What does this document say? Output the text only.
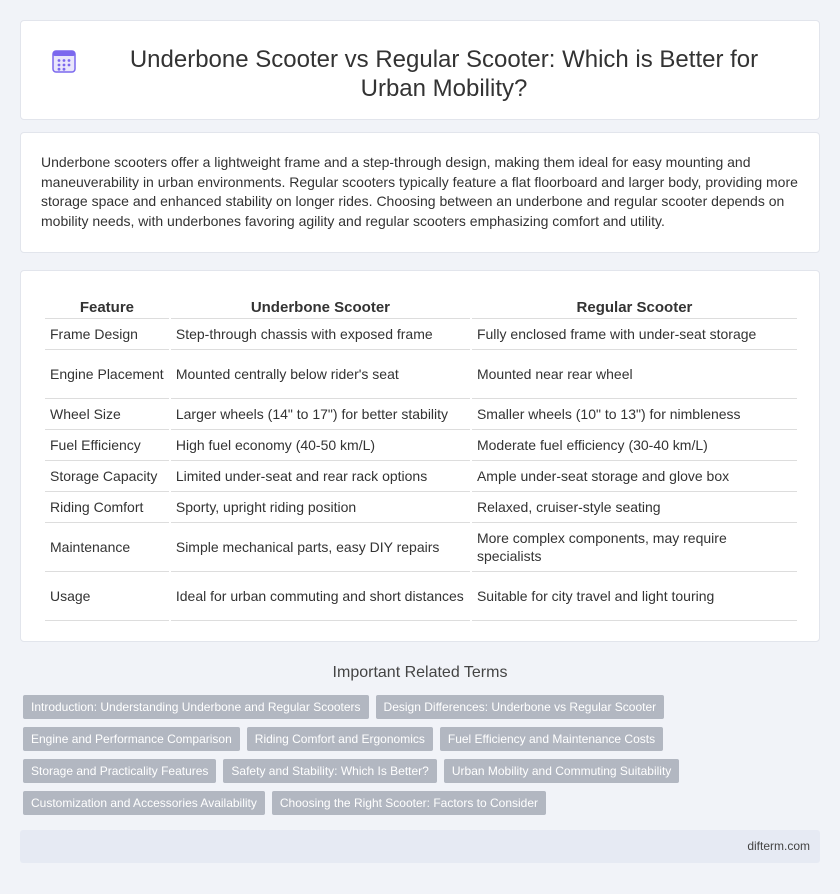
Underbone Scooter vs Regular Scooter: Which is Better for Urban Mobility?

Underbone scooters offer a lightweight frame and a step-through design, making them ideal for easy mounting and maneuverability in urban environments. Regular scooters typically feature a flat floorboard and larger body, providing more storage space and enhanced stability on longer rides. Choosing between an underbone and regular scooter depends on mobility needs, with underbones favoring agility and regular scooters emphasizing comfort and utility.

Feature	Underbone Scooter	Regular Scooter
Frame Design	Step-through chassis with exposed frame	Fully enclosed frame with under-seat storage
Engine Placement	Mounted centrally below rider's seat	Mounted near rear wheel
Wheel Size	Larger wheels (14" to 17") for better stability	Smaller wheels (10" to 13") for nimbleness
Fuel Efficiency	High fuel economy (40-50 km/L)	Moderate fuel efficiency (30-40 km/L)
Storage Capacity	Limited under-seat and rear rack options	Ample under-seat storage and glove box
Riding Comfort	Sporty, upright riding position	Relaxed, cruiser-style seating
Maintenance	Simple mechanical parts, easy DIY repairs	More complex components, may require specialists
Usage	Ideal for urban commuting and short distances	Suitable for city travel and light touring
Important Related Terms
Introduction: Understanding Underbone and Regular Scooters	Design Differences: Underbone vs Regular Scooter
Engine and Performance Comparison	Riding Comfort and Ergonomics	Fuel Efficiency and Maintenance Costs
Storage and Practicality Features	Safety and Stability: Which Is Better?	Urban Mobility and Commuting Suitability
Customization and Accessories Availability	Choosing the Right Scooter: Factors to Consider
difterm.com
